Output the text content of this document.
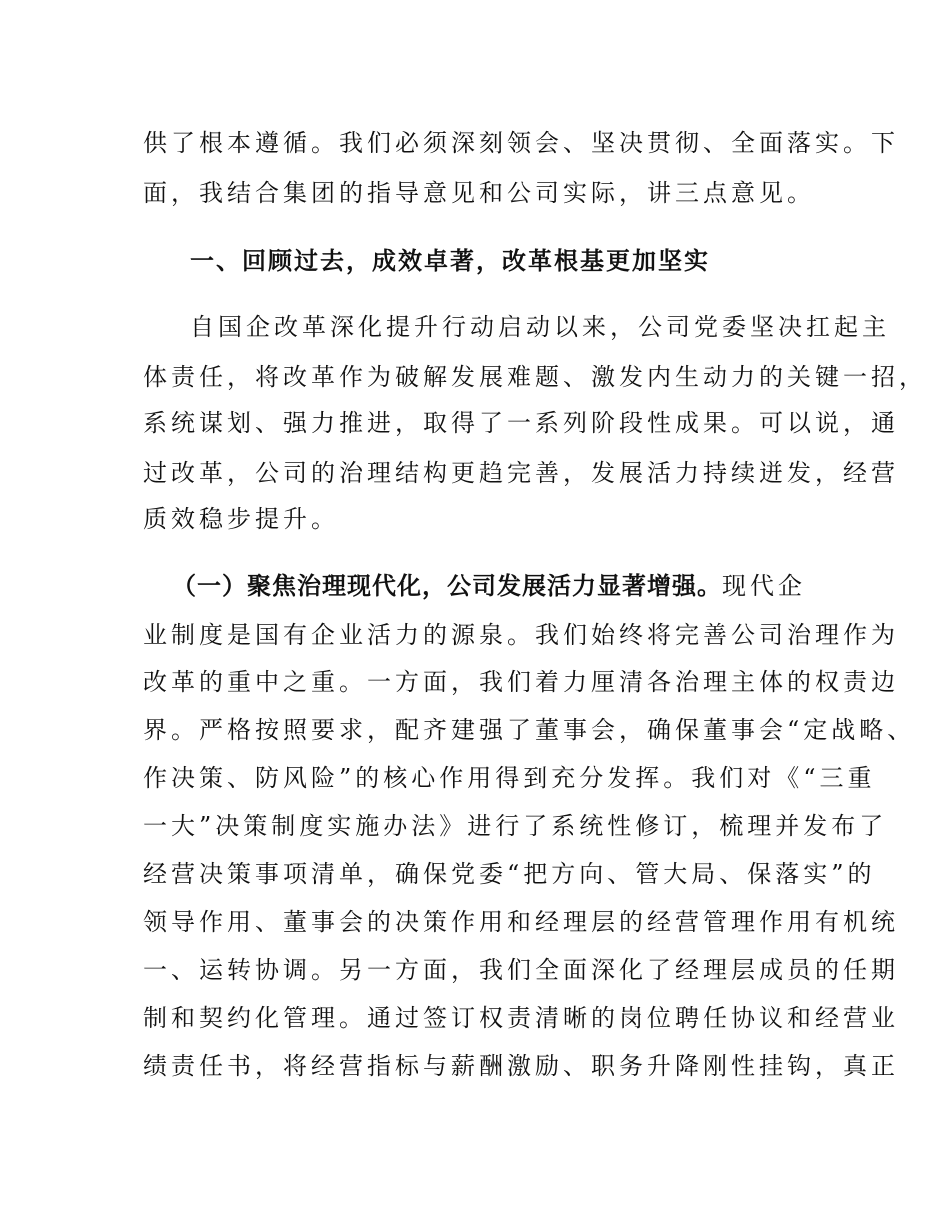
供了根本遵循。我们必须深刻领会、坚决贯彻、全面落实。下
面，我结合集团的指导意见和公司实际，讲三点意见。
一、回顾过去，成效卓著，改革根基更加坚实
自国企改革深化提升行动启动以来，公司党委坚决扛起主
体责任，将改革作为破解发展难题、激发内生动力的关键一招，
系统谋划、强力推进，取得了一系列阶段性成果。可以说，通
过改革，公司的治理结构更趋完善，发展活力持续迸发，经营
质效稳步提升。
（一）聚焦治理现代化，公司发展活力显著增强。现代企
业制度是国有企业活力的源泉。我们始终将完善公司治理作为
改革的重中之重。一方面，我们着力厘清各治理主体的权责边
界。严格按照要求，配齐建强了董事会，确保董事会“定战略、
作决策、防风险”的核心作用得到充分发挥。我们对《“三重
一大”决策制度实施办法》进行了系统性修订，梳理并发布了
经营决策事项清单，确保党委“把方向、管大局、保落实”的
领导作用、董事会的决策作用和经理层的经营管理作用有机统
一、运转协调。另一方面，我们全面深化了经理层成员的任期
制和契约化管理。通过签订权责清晰的岗位聘任协议和经营业
绩责任书，将经营指标与薪酬激励、职务升降刚性挂钩，真正
